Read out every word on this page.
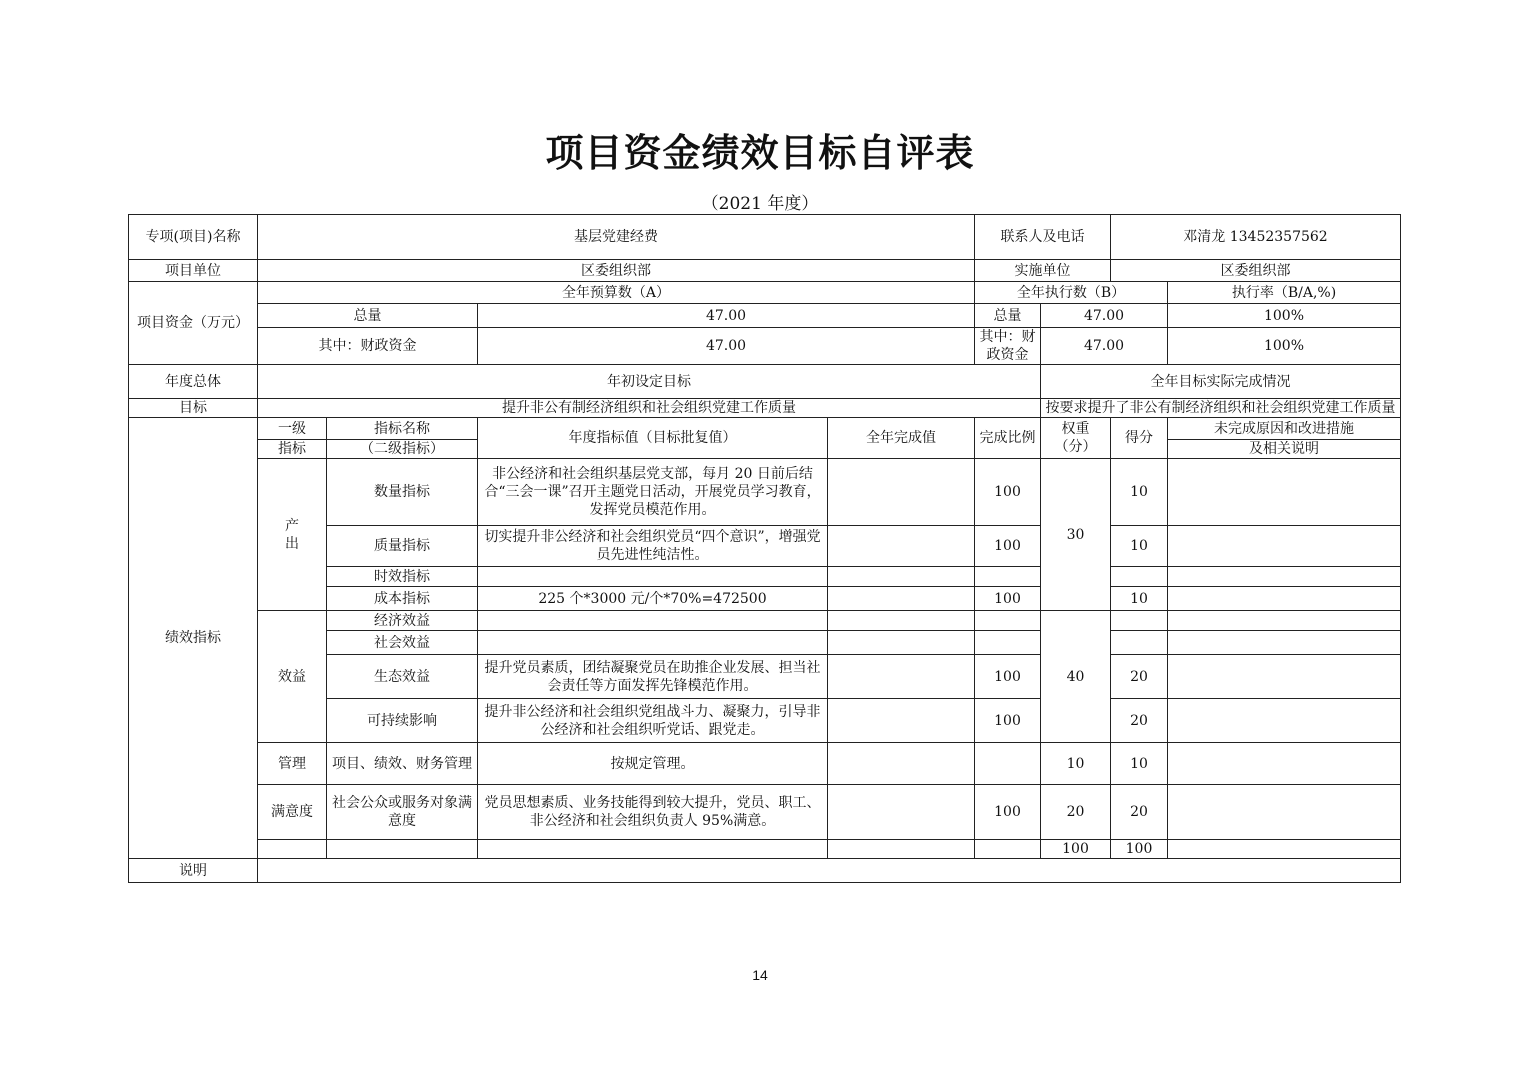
项目资金绩效目标自评表
（2021 年度）
专项(项目)名称	基层党建经费				联系人及电话		邓清龙 13452357562	
项目单位	区委组织部				实施单位		区委组织部	
项目资金（万元）	全年预算数（A）				全年执行数（B）			执行率（B/A,%)
	总量		47.00		总量	47.00		100%
	其中：财政资金		47.00		其中：财政资金	47.00		100%
年度总体	年初设定目标					全年目标实际完成情况		
目标	提升非公有制经济组织和社会组织党建工作质量					按要求提升了非公有制经济组织和社会组织党建工作质量		
绩效指标	一级	指标名称	年度指标值（目标批复值）	全年完成值	完成比例	权重（分）	得分	未完成原因和改进措施
	指标	（二级指标）						及相关说明
	产出	数量指标	非公经济和社会组织基层党支部，每月 20 日前后结合“三会一课”召开主题党日活动，开展党员学习教育，发挥党员模范作用。		100	30	10	
		质量指标	切实提升非公经济和社会组织党员“四个意识”，增强党员先进性纯洁性。		100		10	
		时效指标						
		成本指标	225 个*3000 元/个*70%=472500		100		10	
	效益	经济效益				40		
		社会效益						
		生态效益	提升党员素质，团结凝聚党员在助推企业发展、担当社会责任等方面发挥先锋模范作用。		100		20	
		可持续影响	提升非公经济和社会组织党组战斗力、凝聚力，引导非公经济和社会组织听党话、跟党走。		100		20	
	管理	项目、绩效、财务管理	按规定管理。			10	10	
	满意度	社会公众或服务对象满意度	党员思想素质、业务技能得到较大提升，党员、职工、非公经济和社会组织负责人 95%满意。		100	20	20	
						100	100	
说明								
14
